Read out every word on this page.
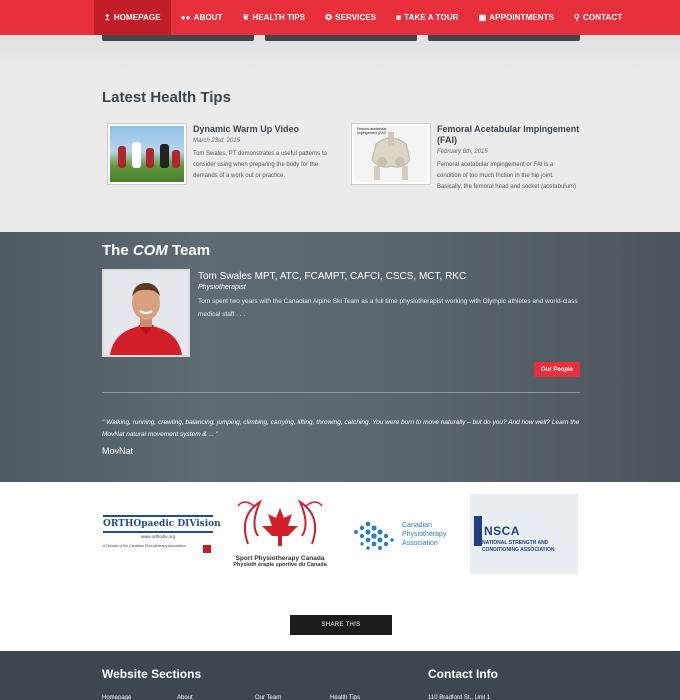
↥ HOMEPAGE	●● ABOUT	❦ HEALTH TIPS	✪ SERVICES	◙ TAKE A TOUR	▦ APPOINTMENTS	⚲ CONTACT
Latest Health Tips
Dynamic Warm Up Video
March 23rd, 2015
Tom Swales, PT demonstrates a useful patterns to consider using when preparing the body for the demands of a work out or practice.
Femoro-acetabular Impingement (FAI)	Femoral Acetabular Impingement (FAI)
February 6th, 2015
Femoral acetabular impingement or FAI is a condition of too much friction in the hip joint. Basically, the femoral head and socket (acetabulum)
The COM Team
Tom Swales MPT, ATC, FCAMPT, CAFCI, CSCS, MCT, RKC
Physiotherapist
Tom spent two years with the Canadian Alpine Ski Team as a full time physiotherapist working with Olympic athletes and world-class medical staff . . .
Our People
" Walking, running, crawling, balancing, jumping, climbing, carrying, lifting, throwing, catching. You were born to move naturally – but do you? And how well? Learn the MovNat natural movement system & ... "
MovNat
ORTHOpaedic DIVision
www.orthodiv.org
A Division of the Canadian Physiotherapy Association
Sport Physiotherapy Canada
Physioth érapie sportive du Canada
Canadian
Physiotherapy
Association
NSCA
NATIONAL STRENGTH AND
CONDITIONING ASSOCIATION
SHARE THIS
Website Sections	Contact Info
Homepage	About	Our Team	Health Tips	110 Bradford St., Unit 1
